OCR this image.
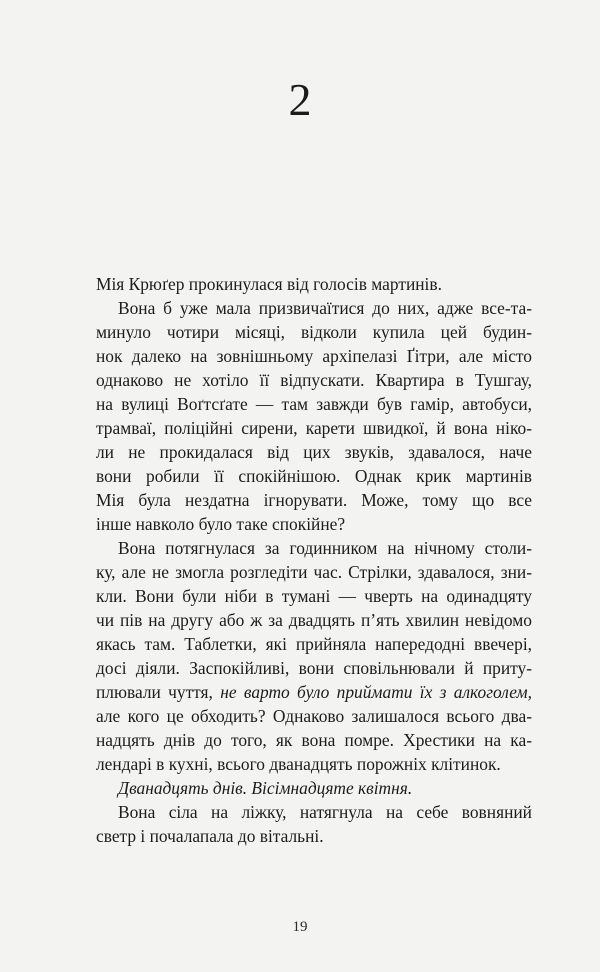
2
Мія Крюґер прокинулася від голосів мартинів.
Вона б уже мала призвичаїтися до них, адже все-та-
минуло чотири місяці, відколи купила цей будин-
нок далеко на зовнішньому архіпелазі Ґітри, але місто
однаково не хотіло її відпускати. Квартира в Тушгау,
на вулиці Воґтсґате — там завжди був гамір, автобуси,
трамваї, поліційні сирени, карети швидкої, й вона ніко-
ли не прокидалася від цих звуків, здавалося, наче
вони робили її спокійнішою. Однак крик мартинів
Мія була нездатна ігнорувати. Може, тому що все
інше навколо було таке спокійне?
Вона потягнулася за годинником на нічному столи-
ку, але не змогла розгледіти час. Стрілки, здавалося, зни-
кли. Вони були ніби в тумані — чверть на одинадцяту
чи пів на другу або ж за двадцять п’ять хвилин невідомо
якась там. Таблетки, які прийняла напередодні ввечері,
досі діяли. Заспокійливі, вони сповільнювали й приту-
плювали чуття, не варто було приймати їх з алкоголем,
але кого це обходить? Однаково залишалося всього два-
надцять днів до того, як вона помре. Хрестики на ка-
лендарі в кухні, всього дванадцять порожніх клітинок.
Дванадцять днів. Вісімнадцяте квітня.
Вона сіла на ліжку, натягнула на себе вовняний
светр і почалапала до вітальні.
19
